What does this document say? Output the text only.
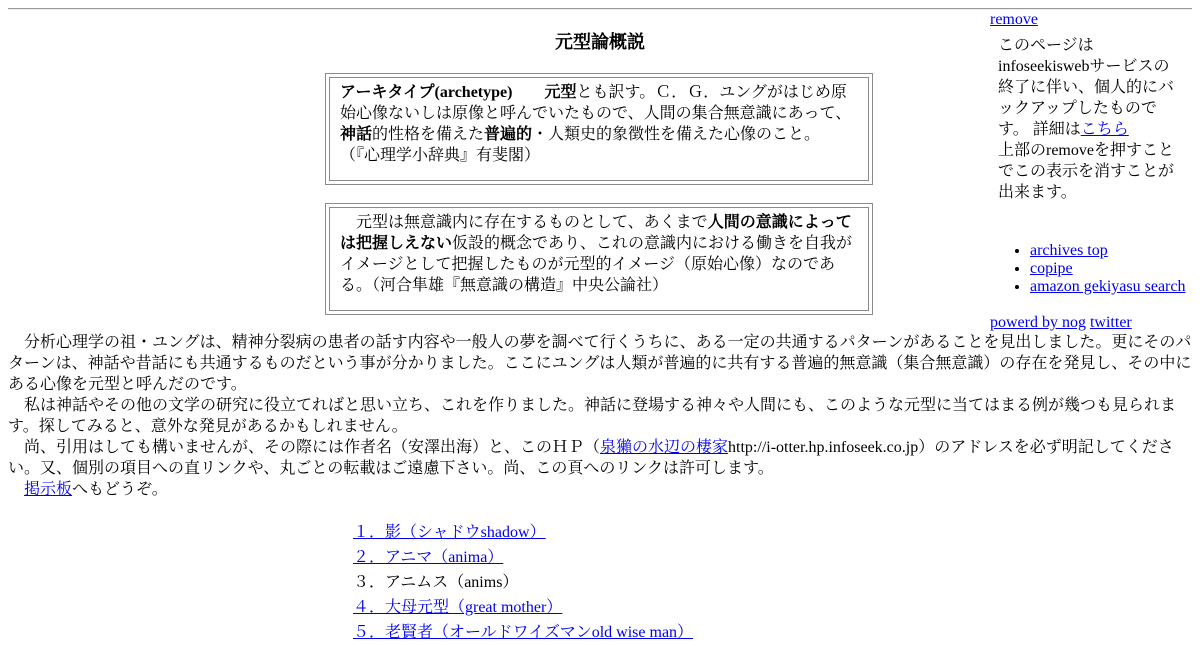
remove
このページはinfoseekiswebサービスの終了に伴い、個人的にバックアップしたものです。 詳細はこちら
上部のremoveを押すことでこの表示を消すことが出来ます。
• archives top
• copipe
• amazon gekiyasu search
powerd by nog twitter
元型論概説
アーキタイプ(archetype)　　 元型とも訳す。Ｃ．Ｇ．ユングがはじめ原始心像ないしは原像と呼んでいたもので、人間の集合無意識にあって、神話的性格を備えた普遍的・人類史的象徴性を備えた心像のこと。
（『心理学小辞典』有斐閣）
　元型は無意識内に存在するものとして、あくまで人間の意識によっては把握しえない仮設的概念であり、これの意識内における働きを自我がイメージとして把握したものが元型的イメージ（原始心像）なのである。（河合隼雄『無意識の構造』中央公論社）

分析心理学の祖・ユングは、精神分裂病の患者の話す内容や一般人の夢を調べて行くうちに、ある一定の共通するパターンがあることを見出しました。更にそのパターンは、神話や昔話にも共通するものだという事が分かりました。ここにユングは人類が普遍的に共有する普遍的無意識（集合無意識）の存在を発見し、その中にある心像を元型と呼んだのです。

私は神話やその他の文学の研究に役立てればと思い立ち、これを作りました。神話に登場する神々や人間にも、このような元型に当てはまる例が幾つも見られます。探してみると、意外な発見があるかもしれません。

尚、引用はしても構いませんが、その際には作者名（安澤出海）と、このＨＰ（泉獺の水辺の棲家http://i-otter.hp.infoseek.co.jp）のアドレスを必ず明記してください。又、個別の項目への直リンクや、丸ごとの転載はご遠慮下さい。尚、この頁へのリンクは許可します。

掲示板へもどうぞ。

１．影（シャドウshadow）
２．アニマ（anima）
３．アニムス（anims）
４．大母元型（great mother）
５．老賢者（オールドワイズマンold wise man）
